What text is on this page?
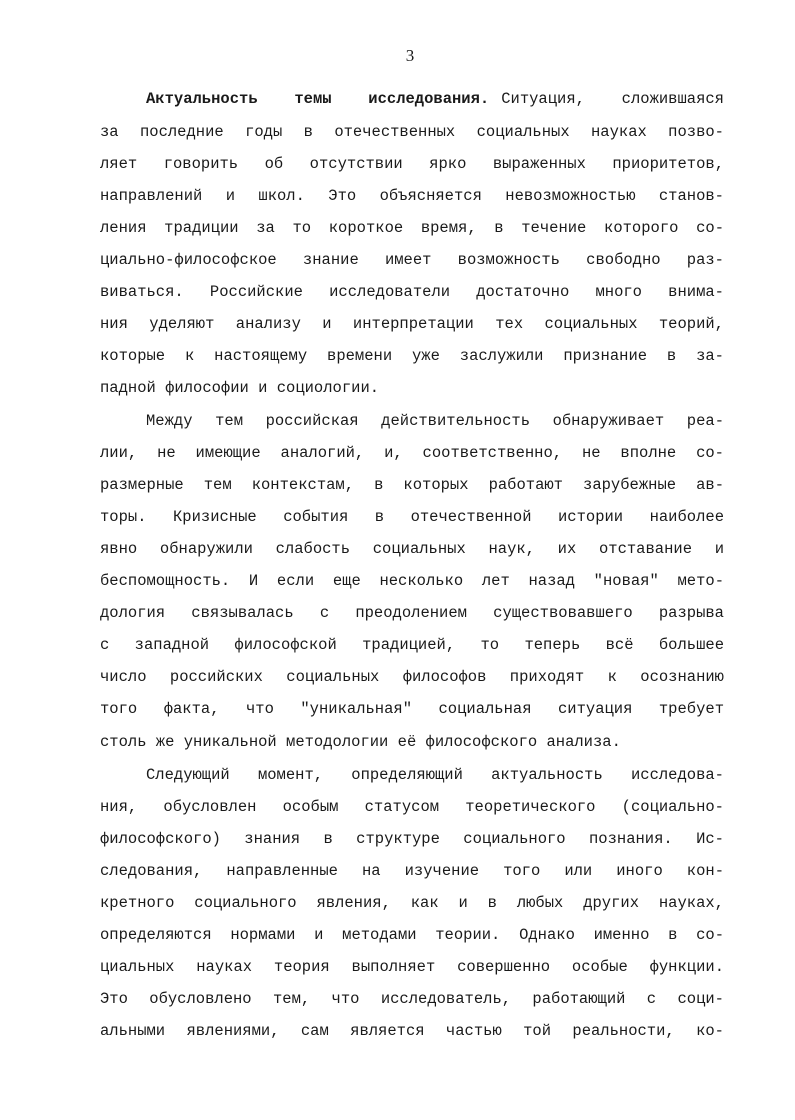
3
Актуальность темы исследования. Ситуация, сложившаяся
за последние годы в отечественных социальных науках позво-
ляет говорить об отсутствии ярко выраженных приоритетов,
направлений и школ. Это объясняется невозможностью станов-
ления традиции за то короткое время, в течение которого со-
циально-философское знание имеет возможность свободно раз-
виваться. Российские исследователи достаточно много внима-
ния уделяют анализу и интерпретации тех социальных теорий,
которые к настоящему времени уже заслужили признание в за-
падной философии и социологии.
Между тем российская действительность обнаруживает реа-
лии, не имеющие аналогий, и, соответственно, не вполне со-
размерные тем контекстам, в которых работают зарубежные ав-
торы. Кризисные события в отечественной истории наиболее
явно обнаружили слабость социальных наук, их отставание и
беспомощность. И если еще несколько лет назад "новая" мето-
дология связывалась с преодолением существовавшего разрыва
с западной философской традицией, то теперь всё большее
число российских социальных философов приходят к осознанию
того факта, что "уникальная" социальная ситуация требует
столь же уникальной методологии её философского анализа.
Следующий момент, определяющий актуальность исследова-
ния, обусловлен особым статусом теоретического (социально-
философского) знания в структуре социального познания. Ис-
следования, направленные на изучение того или иного кон-
кретного социального явления, как и в любых других науках,
определяются нормами и методами теории. Однако именно в со-
циальных науках теория выполняет совершенно особые функции.
Это обусловлено тем, что исследователь, работающий с соци-
альными явлениями, сам является частью той реальности, ко-
